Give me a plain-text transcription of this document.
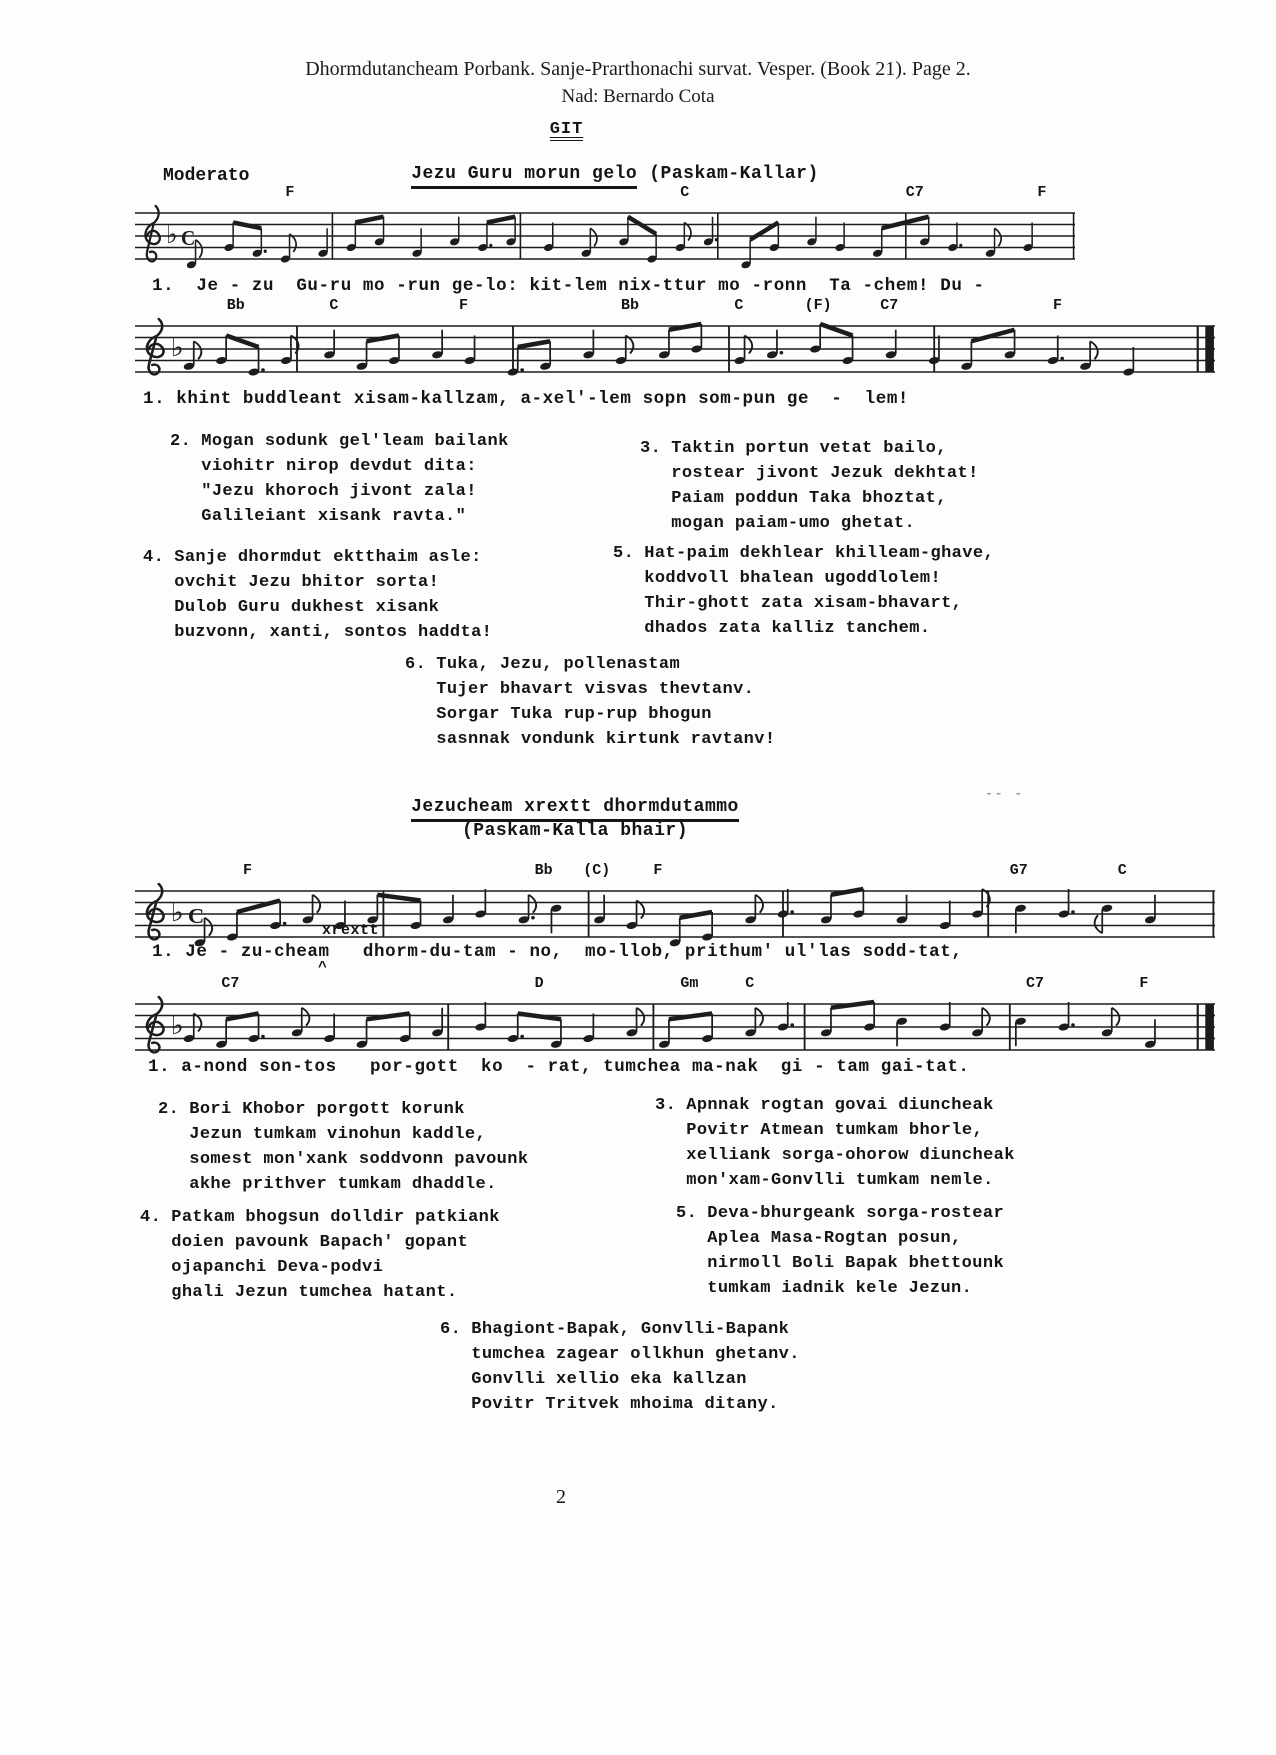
Dhormdutancheam Porbank. Sanje-Prarthonachi survat. Vesper. (Book 21). Page 2.
Nad: Bernardo Cota
GIT
Moderato	Jezu Guru morun gelo (Paskam-Kallar)
F	C	C7	F
♭ C
1.  Je - zu  Gu-ru mo -run ge-lo: kit-lem nix-ttur mo -ronn  Ta -chem! Du -
Bb	C	F	Bb	C	(F)	C7	F
♭
1. khint buddleant xisam-kallzam, a-xel'-lem sopn som-pun ge  -  lem!
2. Mogan sodunk gel'leam bailank
viohitr nirop devdut dita:
"Jezu khoroch jivont zala!
Galileiant xisank ravta."
3. Taktin portun vetat bailo,
rostear jivont Jezuk dekhtat!
Paiam poddun Taka bhoztat,
mogan paiam-umo ghetat.
4. Sanje dhormdut ektthaim asle:
ovchit Jezu bhitor sorta!
Dulob Guru dukhest xisank
buzvonn, xanti, sontos haddta!
5. Hat-paim dekhlear khilleam-ghave,
koddvoll bhalean ugoddlolem!
Thir-ghott zata xisam-bhavart,
dhados zata kalliz tanchem.
6. Tuka, Jezu, pollenastam
Tujer bhavart visvas thevtanv.
Sorgar Tuka rup-rup bhogun
sasnnak vondunk kirtunk ravtanv!
-- -
Jezucheam xrextt dhormdutammo
(Paskam-Kalla bhair)
F	Bb (C)	F	G7	C
♭ C
xrextt
1. Je - zu-cheam   dhorm-du-tam - no,  mo-llob, prithum' ul'las sodd-tat,
^
C7	D	Gm	C	C7	F
♭
1. a-nond son-tos   por-gott  ko  - rat, tumchea ma-nak  gi - tam gai-tat.
2. Bori Khobor porgott korunk
Jezun tumkam vinohun kaddle,
somest mon'xank soddvonn pavounk
akhe prithver tumkam dhaddle.
3. Apnnak rogtan govai diuncheak
Povitr Atmean tumkam bhorle,
xelliank sorga-ohorow diuncheak
mon'xam-Gonvlli tumkam nemle.
4. Patkam bhogsun dolldir patkiank
doien pavounk Bapach' gopant
ojapanchi Deva-podvi
ghali Jezun tumchea hatant.
5. Deva-bhurgeank sorga-rostear
Aplea Masa-Rogtan posun,
nirmoll Boli Bapak bhettounk
tumkam iadnik kele Jezun.
6. Bhagiont-Bapak, Gonvlli-Bapank
tumchea zagear ollkhun ghetanv.
Gonvlli xellio eka kallzan
Povitr Tritvek mhoima ditany.
2
